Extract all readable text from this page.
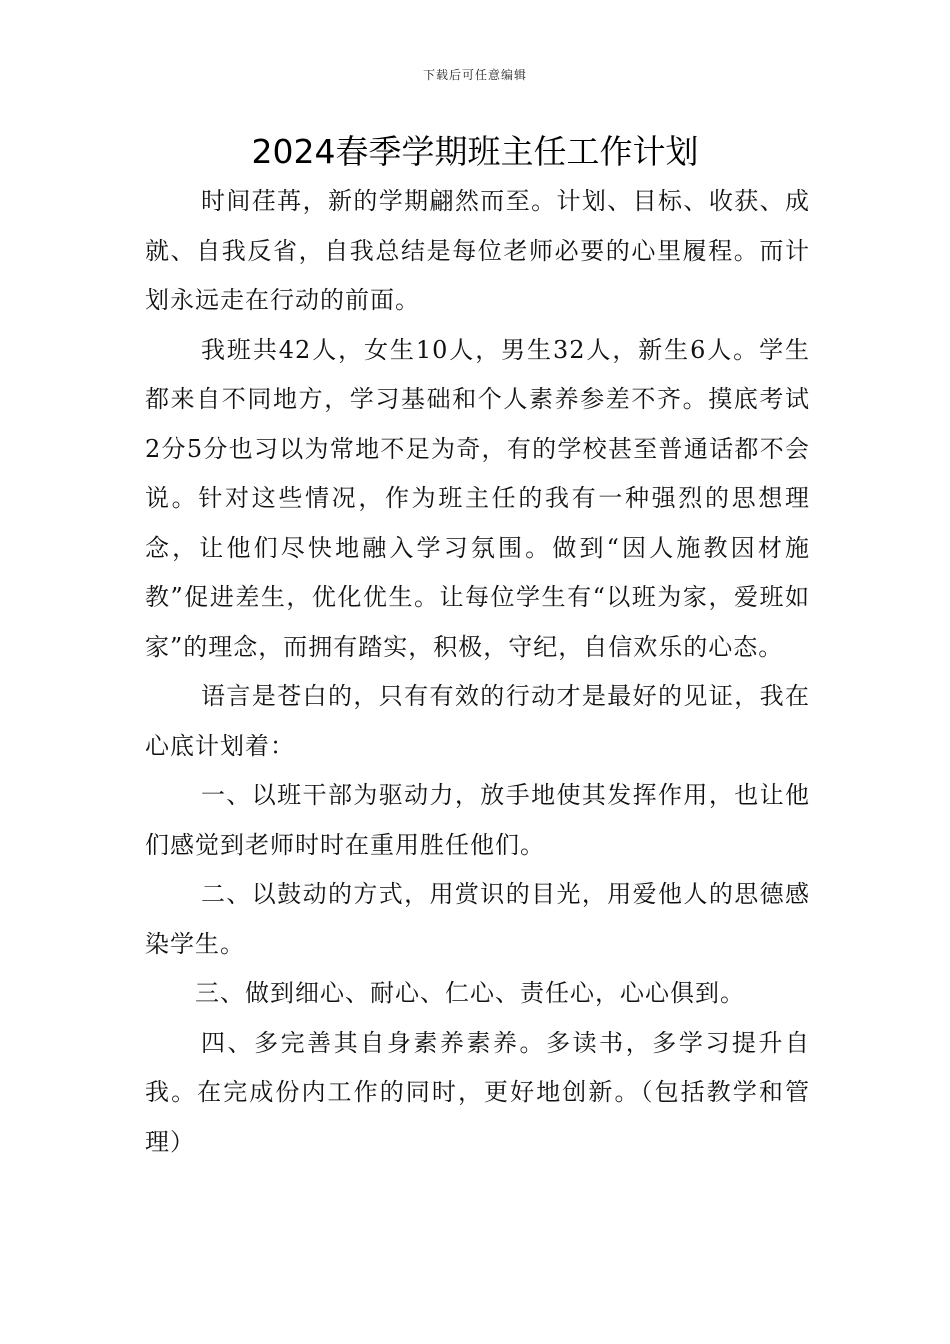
下载后可任意编辑
2024春季学期班主任工作计划

时间荏苒，新的学期翩然而至。计划、目标、收获、成就、自我反省，自我总结是每位老师必要的心里履程。而计划永远走在行动的前面。

我班共42人，女生10人，男生32人，新生6人。学生都来自不同地方，学习基础和个人素养参差不齐。摸底考试2分5分也习以为常地不足为奇，有的学校甚至普通话都不会说。针对这些情况，作为班主任的我有一种强烈的思想理念，让他们尽快地融入学习氛围。做到“因人施教因材施教”促进差生，优化优生。让每位学生有“以班为家，爱班如家”的理念，而拥有踏实，积极，守纪，自信欢乐的心态。

语言是苍白的，只有有效的行动才是最好的见证，我在心底计划着：

一、以班干部为驱动力，放手地使其发挥作用，也让他们感觉到老师时时在重用胜任他们。

二、以鼓动的方式，用赏识的目光，用爱他人的思德感染学生。

三、做到细心、耐心、仁心、责任心，心心俱到。

四、多完善其自身素养素养。多读书，多学习提升自我。在完成份内工作的同时，更好地创新。（包括教学和管理）
